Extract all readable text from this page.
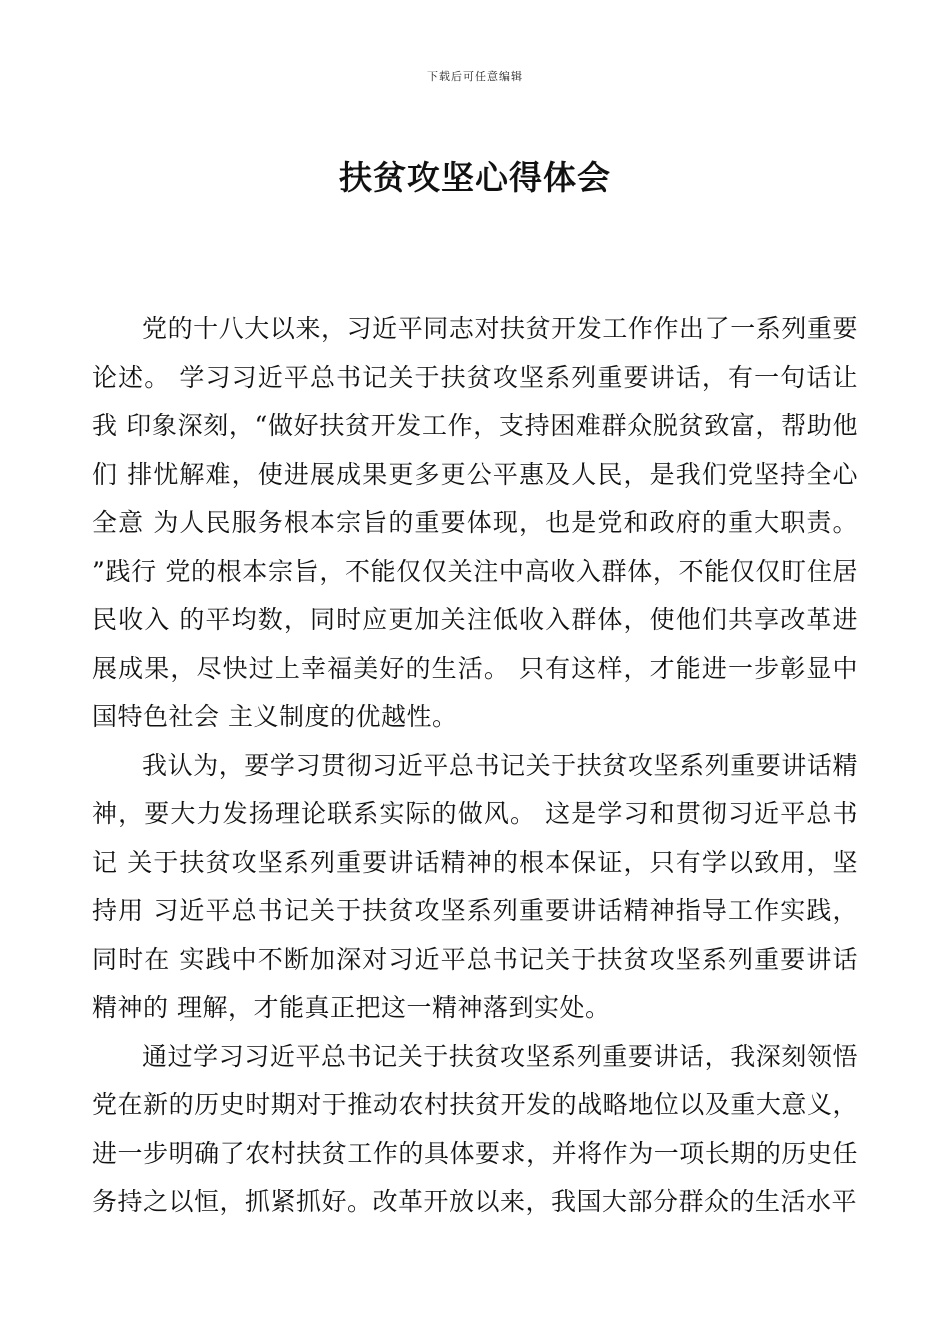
下载后可任意编辑
扶贫攻坚心得体会

党的十八大以来，习近平同志对扶贫开发工作作出了一系列重要论述。 学习习近平总书记关于扶贫攻坚系列重要讲话，有一句话让我 印象深刻，“做好扶贫开发工作，支持困难群众脱贫致富，帮助他们 排忧解难，使进展成果更多更公平惠及人民，是我们党坚持全心全意 为人民服务根本宗旨的重要体现，也是党和政府的重大职责。 ”践行 党的根本宗旨，不能仅仅关注中高收入群体，不能仅仅盯住居民收入 的平均数，同时应更加关注低收入群体，使他们共享改革进展成果，尽快过上幸福美好的生活。 只有这样，才能进一步彰显中国特色社会 主义制度的优越性。

我认为，要学习贯彻习近平总书记关于扶贫攻坚系列重要讲话精神，要大力发扬理论联系实际的做风。 这是学习和贯彻习近平总书记 关于扶贫攻坚系列重要讲话精神的根本保证，只有学以致用，坚持用 习近平总书记关于扶贫攻坚系列重要讲话精神指导工作实践，同时在 实践中不断加深对习近平总书记关于扶贫攻坚系列重要讲话精神的 理解，才能真正把这一精神落到实处。

通过学习习近平总书记关于扶贫攻坚系列重要讲话，我深刻领悟党在新的历史时期对于推动农村扶贫开发的战略地位以及重大意义，进一步明确了农村扶贫工作的具体要求，并将作为一项长期的历史任务持之以恒，抓紧抓好。改革开放以来，我国大部分群众的生活水平
